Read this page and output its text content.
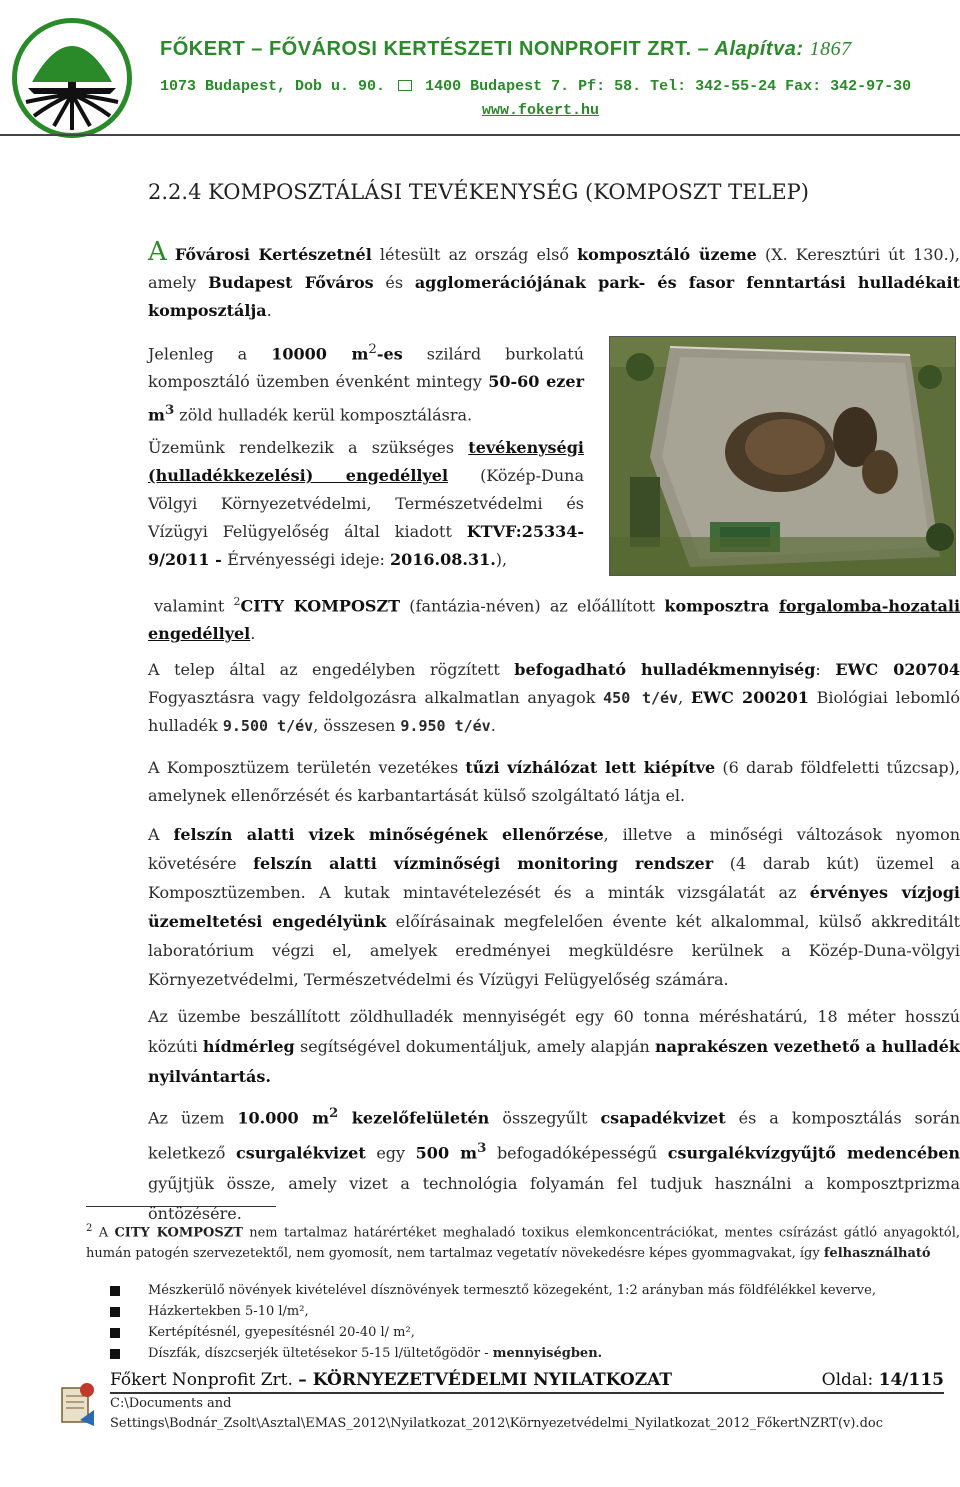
FŐKERT – FŐVÁROSI KERTÉSZETI NONPROFIT ZRT. – Alapítva: 1867
1073 Budapest, Dob u. 90.	1400 Budapest 7. Pf: 58. Tel: 342-55-24 Fax: 342-97-30
www.fokert.hu
2.2.4 KOMPOSZTÁLÁSI TEVÉKENYSÉG (KOMPOSZT TELEP)
A Fővárosi Kertészetnél létesült az ország első komposztáló üzeme (X. Keresztúri út 130.), amely Budapest Főváros és agglomerációjának park- és fasor fenntartási hulladékait komposztálja.
Jelenleg a 10000 $m^2-es$ szilárd burkolatú komposztáló üzemben évenként mintegy 50-60 ezer $m^3$ zöld hulladék kerül komposztálásra.
Üzemünk rendelkezik a szükséges tevékenységi (hulladékkezelési) engedéllyel (Közép-Duna Völgyi Környezetvédelmi, Természetvédelmi és Vízügyi Felügyelőség által kiadott KTVF:25334-9/2011 - Érvényességi ideje: 2016.08.31.),
valamint $^2$CITY KOMPOSZT (fantázia-néven) az előállított komposztra forgalomba-hozatali engedéllyel.
A telep által az engedélyben rögzített befogadható hulladékmennyiség: EWC 020704 Fogyasztásra vagy feldolgozásra alkalmatlan anyagok 450 t/év, EWC 200201 Biológiai lebomló hulladék 9.500 t/év, összesen 9.950 t/év.
A Komposztüzem területén vezetékes tűzi vízhálózat lett kiépítve (6 darab földfeletti tűzcsap), amelynek ellenőrzését és karbantartását külső szolgáltató látja el.
A felszín alatti vizek minőségének ellenőrzése, illetve a minőségi változások nyomon követésére felszín alatti vízminőségi monitoring rendszer (4 darab kút) üzemel a Komposztüzemben. A kutak mintavételezését és a minták vizsgálatát az érvényes vízjogi üzemeltetési engedélyünk előírásainak megfelelően évente két alkalommal, külső akkreditált laboratórium végzi el, amelyek eredményei megküldésre kerülnek a Közép-Duna-völgyi Környezetvédelmi, Természetvédelmi és Vízügyi Felügyelőség számára.
Az üzembe beszállított zöldhulladék mennyiségét egy 60 tonna méréshatárú, 18 méter hosszú közúti hídmérleg segítségével dokumentáljuk, amely alapján naprakészen vezethető a hulladék nyilvántartás.
Az üzem 10.000 $m^2$ kezelőfelületén összegyűlt csapadékvizet és a komposztálás során keletkező csurgalékvizet egy 500 $m^3$ befogadóképességű csurgalékvízgyűjtő medencében gyűjtjük össze, amely vizet a technológia folyamán fel tudjuk használni a komposztprizma öntözésére.
$^2$ A CITY KOMPOSZT nem tartalmaz határértéket meghaladó toxikus elemkoncentrációkat, mentes csírázást gátló anyagoktól, humán patogén szervezetektől, nem gyomosít, nem tartalmaz vegetatív növekedésre képes gyommagvakat, így felhasználható
Mészkerülő növények kivételével dísznövények termesztő közegeként, 1:2 arányban más földfélékkel keverve,
Házkertekben 5-10 l/m²,
Kertépítésnél, gyepesítésnél 20-40 l/ m²,
Díszfák, díszcserjék ültetésekor 5-15 l/ültetőgödör - mennyiségben.
Főkert Nonprofit Zrt. – KÖRNYEZETVÉDELMI NYILATKOZAT	Oldal: 14/115
C:\Documents and
Settings\Bodnár_Zsolt\Asztal\EMAS_2012\Nyilatkozat_2012\Környezetvédelmi_Nyilatkozat_2012_FőkertNZRT(v).doc
